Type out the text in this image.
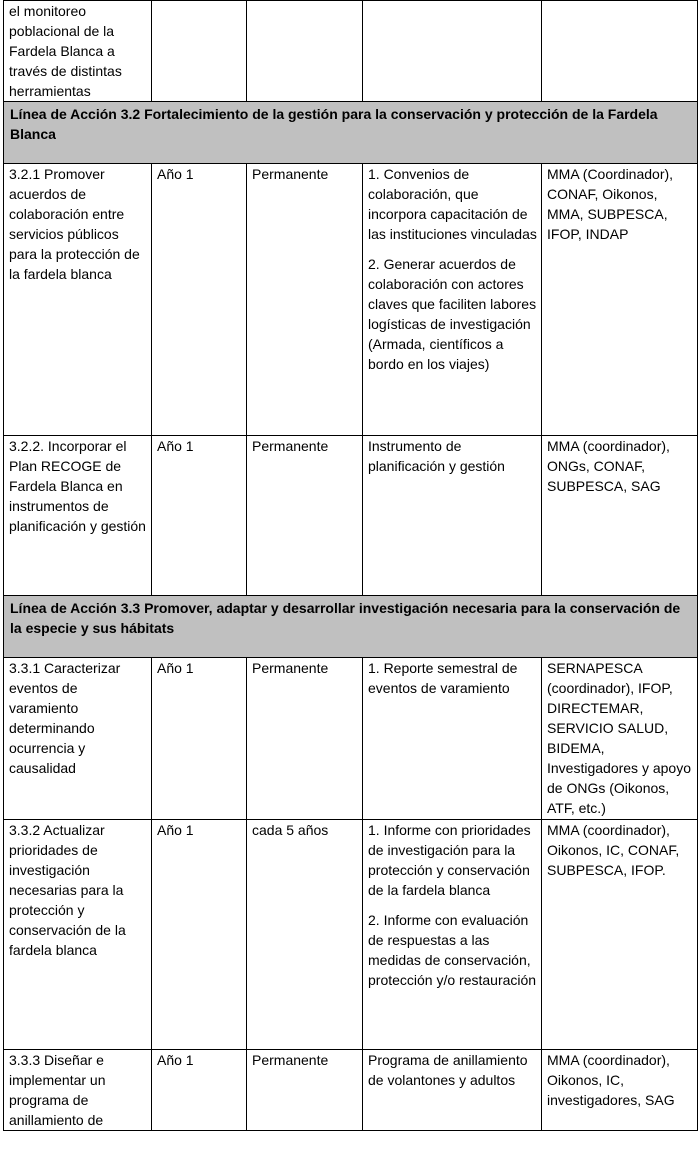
el monitoreo poblacional de la Fardela Blanca a través de distintas herramientas				

Línea de Acción 3.2 Fortalecimiento de la gestión para la conservación y protección de la Fardela Blanca				

3.2.1 Promover acuerdos de colaboración entre servicios públicos para la protección de la fardela blanca	Año 1	Permanente	1. Convenios de colaboración, que incorpora capacitación de las instituciones vinculadas
2. Generar acuerdos de colaboración con actores claves que faciliten labores logísticas de investigación (Armada, científicos a bordo en los viajes)	MMA (Coordinador), CONAF, Oikonos, MMA, SUBPESCA, IFOP, INDAP

3.2.2. Incorporar el Plan RECOGE de Fardela Blanca en instrumentos de planificación y gestión	Año 1	Permanente	Instrumento de planificación y gestión	MMA (coordinador), ONGs, CONAF, SUBPESCA, SAG

Línea de Acción 3.3 Promover, adaptar y desarrollar investigación necesaria para la conservación de la especie y sus hábitats				

3.3.1 Caracterizar eventos de varamiento determinando ocurrencia y causalidad	Año 1	Permanente	1. Reporte semestral de eventos de varamiento	SERNAPESCA (coordinador), IFOP, DIRECTEMAR, SERVICIO SALUD, BIDEMA, Investigadores y apoyo de ONGs (Oikonos, ATF, etc.)

3.3.2 Actualizar prioridades de investigación necesarias para la protección y conservación de la fardela blanca	Año 1	cada 5 años	1. Informe con prioridades de investigación para la protección y conservación de la fardela blanca
2. Informe con evaluación de respuestas a las medidas de conservación, protección y/o restauración	MMA (coordinador), Oikonos, IC, CONAF, SUBPESCA, IFOP.

3.3.3 Diseñar e implementar un programa de anillamiento de	Año 1	Permanente	Programa de anillamiento de volantones y adultos	MMA (coordinador), Oikonos, IC, investigadores, SAG
